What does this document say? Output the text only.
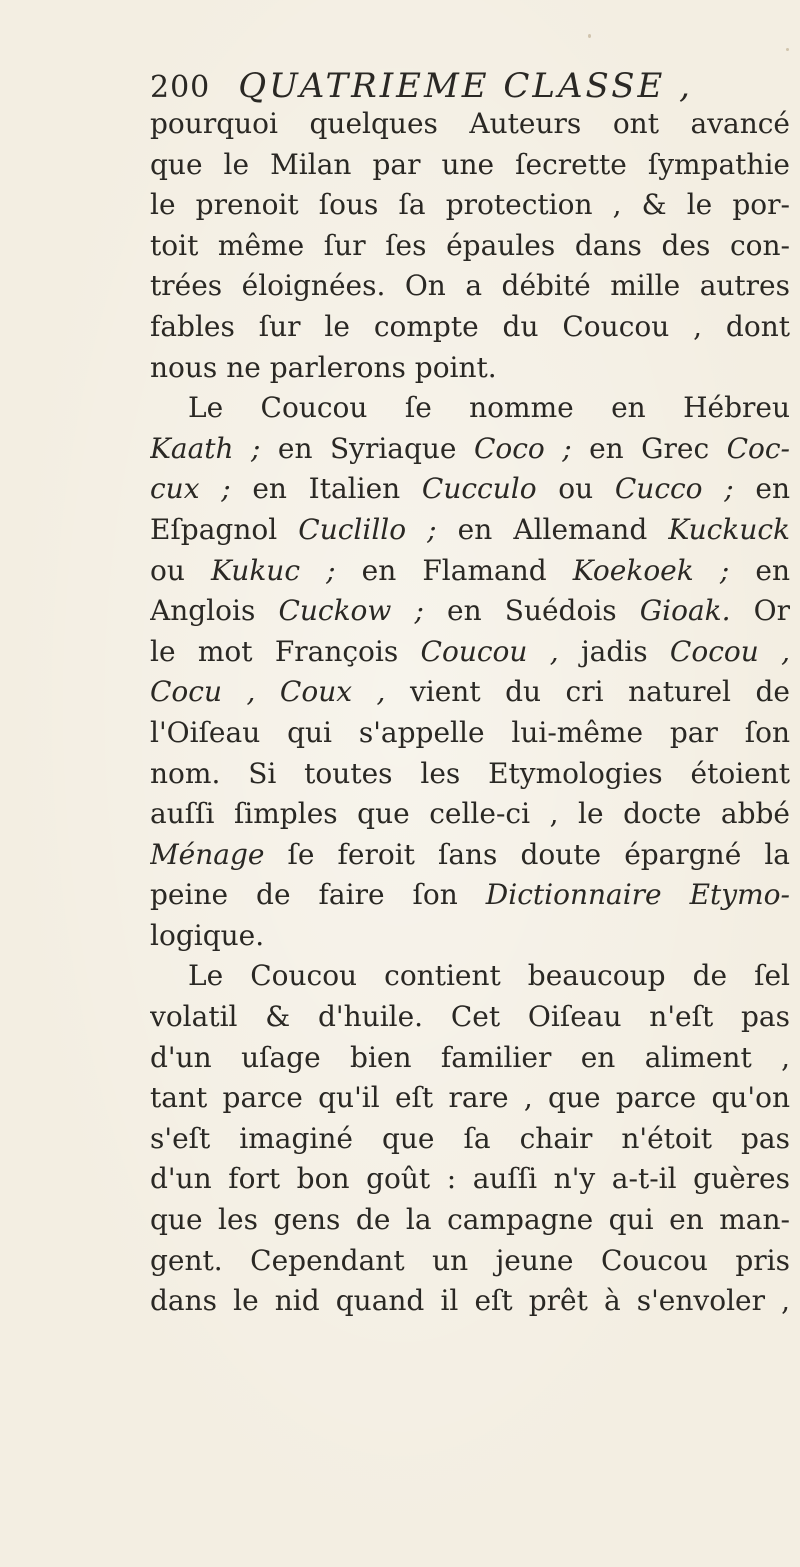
200 QUATRIEME CLASSE ,
pourquoi quelques Auteurs ont avancé
que le Milan par une ſecrette ſympathie
le prenoit ſous ſa protection , & le por-
toit même ſur ſes épaules dans des con-
trées éloignées. On a débité mille autres
fables ſur le compte du Coucou , dont
nous ne parlerons point.
Le Coucou ſe nomme en Hébreu
Kaath ; en Syriaque Coco ; en Grec Coc-
cux ; en Italien Cucculo ou Cucco ; en
Eſpagnol Cuclillo ; en Allemand Kuckuck
ou Kukuc ; en Flamand Koekoek ; en
Anglois Cuckow ; en Suédois Gioak. Or
le mot François Coucou , jadis Cocou ,
Cocu , Coux , vient du cri naturel de
l'Oiſeau qui s'appelle lui-même par ſon
nom. Si toutes les Etymologies étoient
auſſi ſimples que celle-ci , le docte abbé
Ménage ſe feroit ſans doute épargné la
peine de faire ſon Dictionnaire Etymo-
logique.
Le Coucou contient beaucoup de ſel
volatil & d'huile. Cet Oiſeau n'eſt pas
d'un uſage bien familier en aliment ,
tant parce qu'il eſt rare , que parce qu'on
s'eſt imaginé que ſa chair n'étoit pas
d'un fort bon goût : auſſi n'y a-t-il guères
que les gens de la campagne qui en man-
gent. Cependant un jeune Coucou pris
dans le nid quand il eſt prêt à s'envoler ,
